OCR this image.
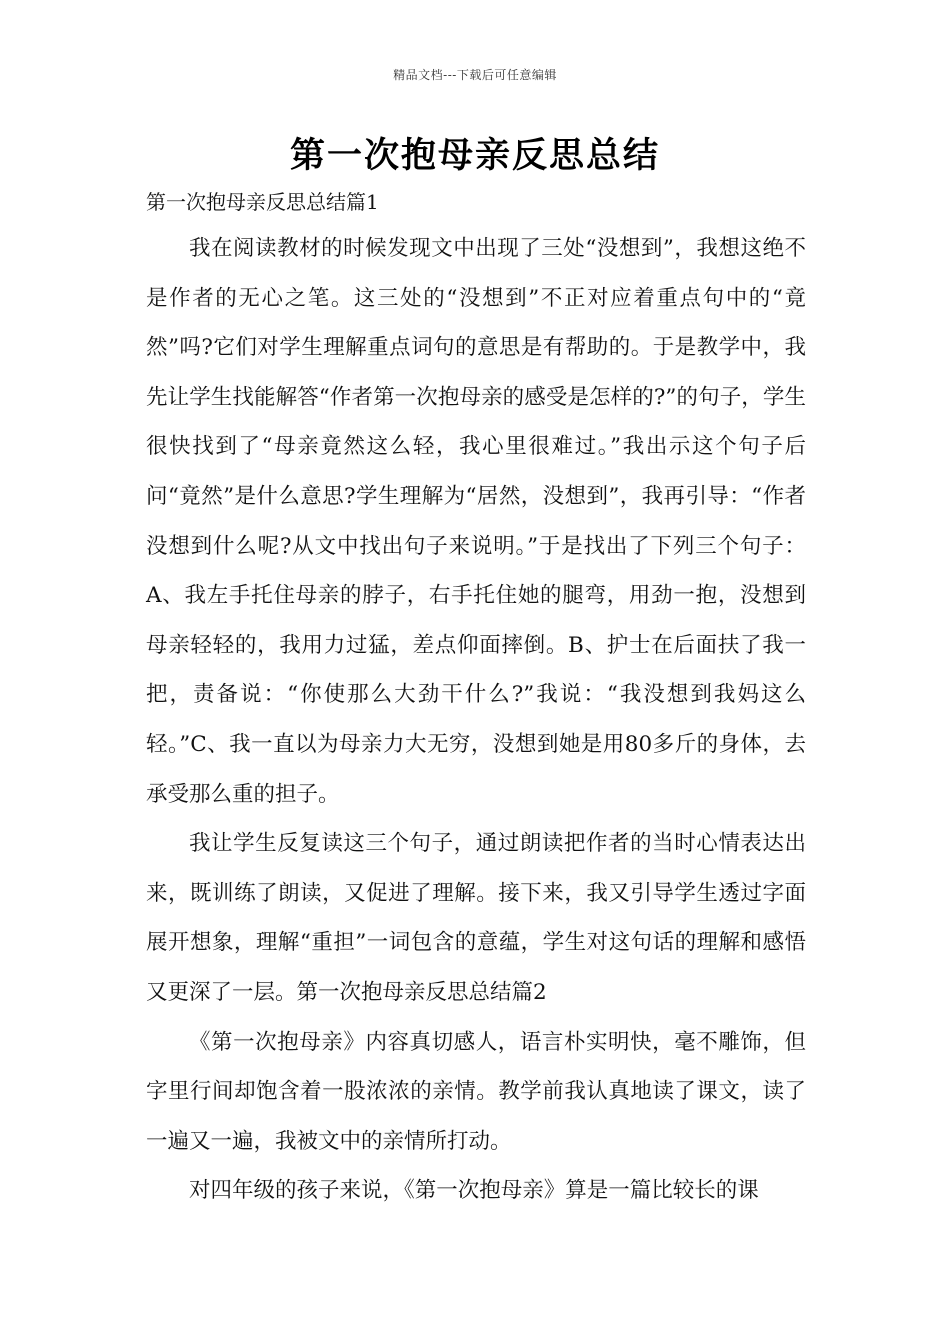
精品文档---下载后可任意编辑
第一次抱母亲反思总结

第一次抱母亲反思总结篇1

我在阅读教材的时候发现文中出现了三处“没想到”，我想这绝不是作者的无心之笔。这三处的“没想到”不正对应着重点句中的“竟然”吗?它们对学生理解重点词句的意思是有帮助的。于是教学中，我先让学生找能解答“作者第一次抱母亲的感受是怎样的?”的句子，学生很快找到了“母亲竟然这么轻，我心里很难过。”我出示这个句子后问“竟然”是什么意思?学生理解为“居然，没想到”，我再引导：“作者没想到什么呢?从文中找出句子来说明。”于是找出了下列三个句子：A、我左手托住母亲的脖子，右手托住她的腿弯，用劲一抱，没想到母亲轻轻的，我用力过猛，差点仰面摔倒。B、护士在后面扶了我一把，责备说：“你使那么大劲干什么?”我说：“我没想到我妈这么轻。”C、我一直以为母亲力大无穷，没想到她是用80多斤的身体，去承受那么重的担子。

我让学生反复读这三个句子，通过朗读把作者的当时心情表达出来，既训练了朗读，又促进了理解。接下来，我又引导学生透过字面展开想象，理解“重担”一词包含的意蕴，学生对这句话的理解和感悟又更深了一层。第一次抱母亲反思总结篇2

《第一次抱母亲》内容真切感人，语言朴实明快，毫不雕饰，但字里行间却饱含着一股浓浓的亲情。教学前我认真地读了课文，读了一遍又一遍，我被文中的亲情所打动。

对四年级的孩子来说，《第一次抱母亲》算是一篇比较长的课
